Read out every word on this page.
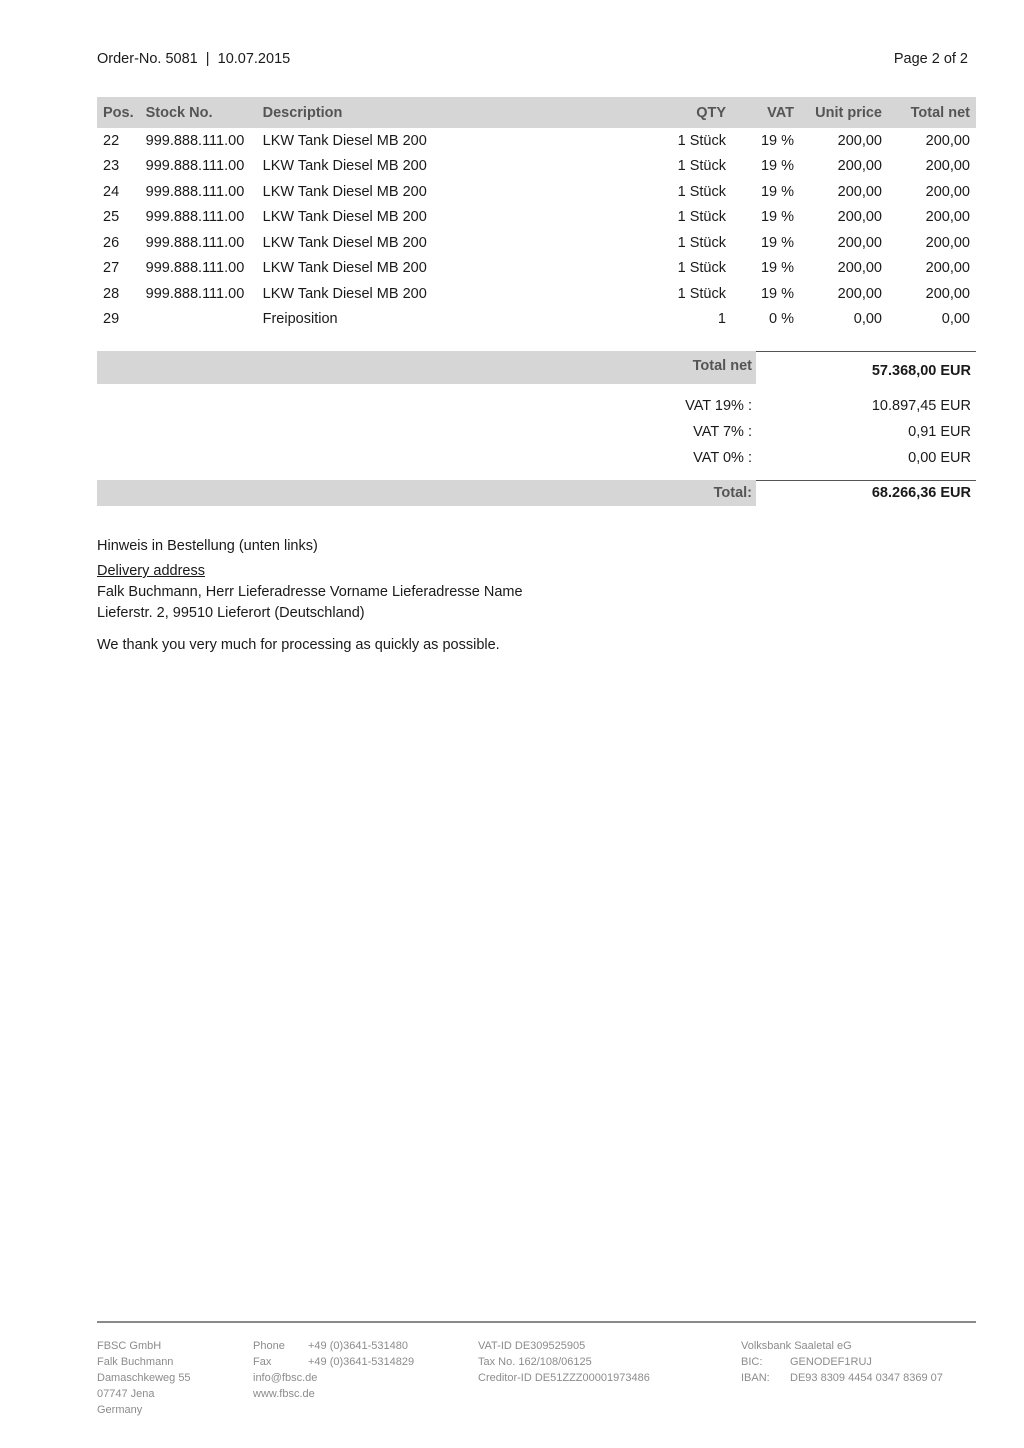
Order-No. 5081  |  10.07.2015	Page 2 of 2
Pos.	Stock No.	Description	QTY	VAT	Unit price	Total net
22	999.888.111.00	LKW Tank Diesel MB 200	1 Stück	19 %	200,00	200,00
23	999.888.111.00	LKW Tank Diesel MB 200	1 Stück	19 %	200,00	200,00
24	999.888.111.00	LKW Tank Diesel MB 200	1 Stück	19 %	200,00	200,00
25	999.888.111.00	LKW Tank Diesel MB 200	1 Stück	19 %	200,00	200,00
26	999.888.111.00	LKW Tank Diesel MB 200	1 Stück	19 %	200,00	200,00
27	999.888.111.00	LKW Tank Diesel MB 200	1 Stück	19 %	200,00	200,00
28	999.888.111.00	LKW Tank Diesel MB 200	1 Stück	19 %	200,00	200,00
29		Freiposition	1	0 %	0,00	0,00
Total net	57.368,00 EUR
VAT 19% :	10.897,45 EUR
VAT 7% :	0,91 EUR
VAT 0% :	0,00 EUR
Total:	68.266,36 EUR
Hinweis in Bestellung (unten links)
Delivery address
Falk Buchmann, Herr Lieferadresse Vorname Lieferadresse Name
Lieferstr. 2, 99510 Lieferort (Deutschland)
We thank you very much for processing as quickly as possible.
FBSC GmbH
Falk Buchmann
Damaschkeweg 55
07747 Jena
Germany
Phone +49 (0)3641-531480
Fax	+49 (0)3641-5314829
info@fbsc.de
www.fbsc.de
VAT-ID DE309525905
Tax No. 162/108/06125
Creditor-ID DE51ZZZ00001973486
Volksbank Saaletal eG
BIC:	GENODEF1RUJ
IBAN: DE93 8309 4454 0347 8369 07
